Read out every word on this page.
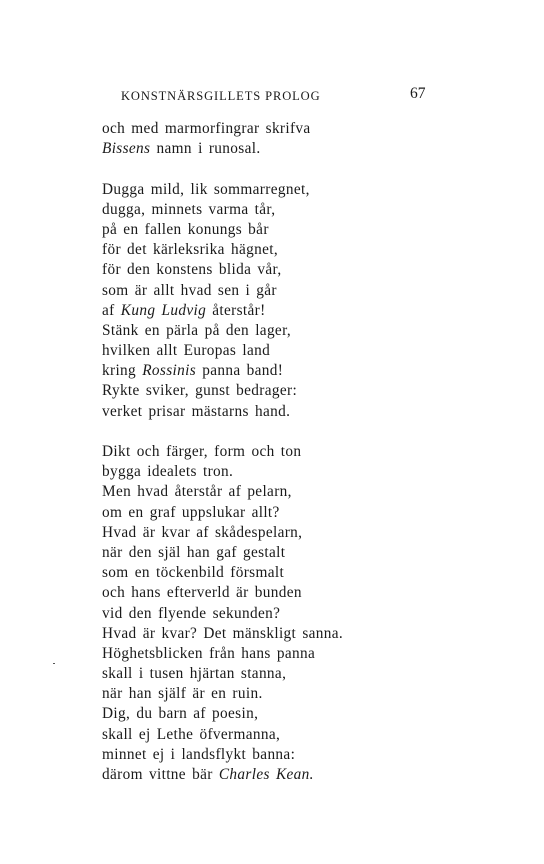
KONSTNÄRSGILLETS PROLOG	67
och med marmorfingrar skrifva
Bissens namn i runosal.
Dugga mild, lik sommarregnet,
dugga, minnets varma tår,
på en fallen konungs bår
för det kärleksrika hägnet,
för den konstens blida vår,
som är allt hvad sen i går
af Kung Ludvig återstår!
Stänk en pärla på den lager,
hvilken allt Europas land
kring Rossinis panna band!
Rykte sviker, gunst bedrager:
verket prisar mästarns hand.
Dikt och färger, form och ton
bygga idealets tron.
Men hvad återstår af pelarn,
om en graf uppslukar allt?
Hvad är kvar af skådespelarn,
när den själ han gaf gestalt
som en töckenbild försmalt
och hans efterverld är bunden
vid den flyende sekunden?
Hvad är kvar? Det mänskligt sanna.
Höghetsblicken från hans panna
skall i tusen hjärtan stanna,
när han själf är en ruin.
Dig, du barn af poesin,
skall ej Lethe öfvermanna,
minnet ej i landsflykt banna:
därom vittne bär Charles Kean.
